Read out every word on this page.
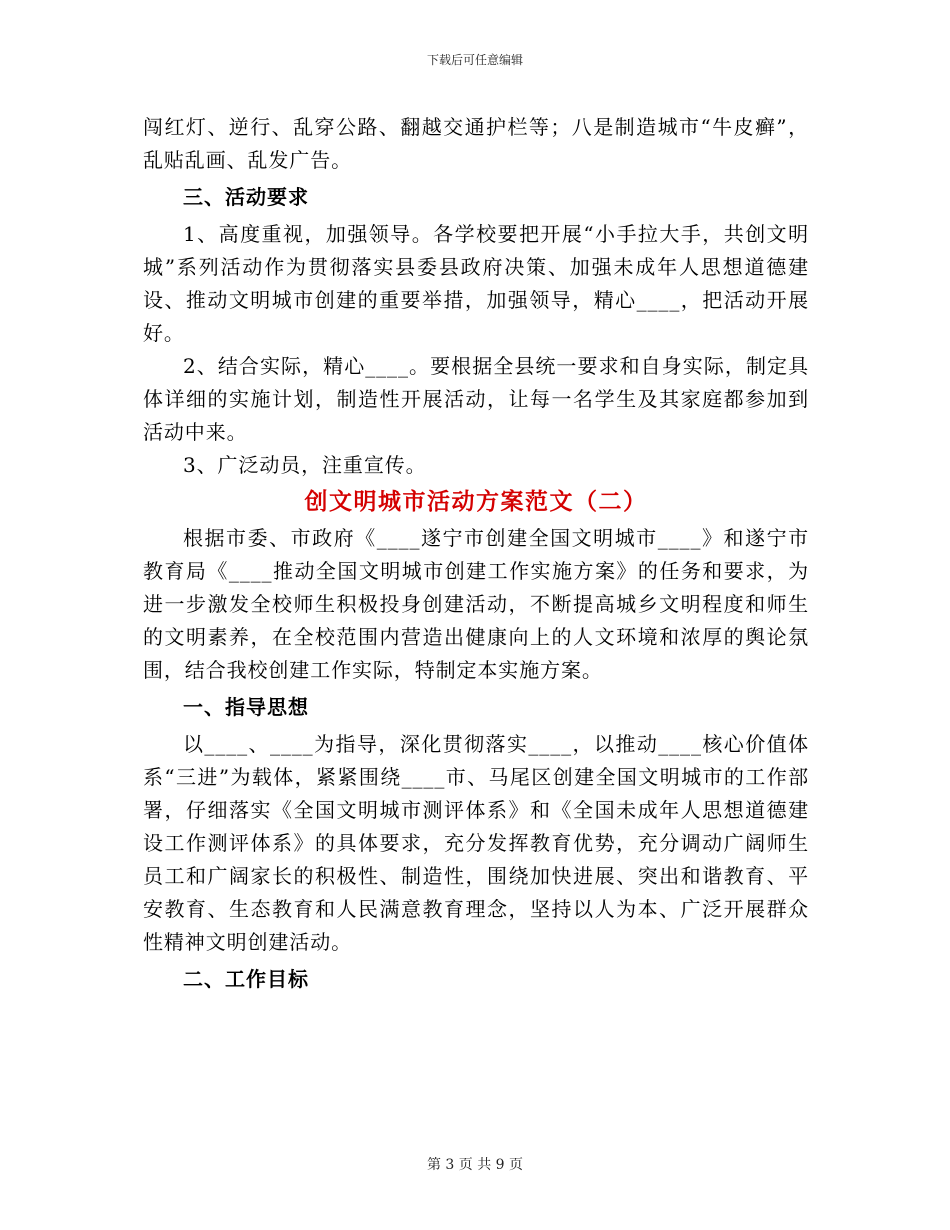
下载后可任意编辑

闯红灯、逆行、乱穿公路、翻越交通护栏等；八是制造城市“牛皮癣”，乱贴乱画、乱发广告。

三、活动要求

1、高度重视，加强领导。各学校要把开展“小手拉大手，共创文明城”系列活动作为贯彻落实县委县政府决策、加强未成年人思想道德建设、推动文明城市创建的重要举措，加强领导，精心____，把活动开展好。

2、结合实际，精心____。要根据全县统一要求和自身实际，制定具体详细的实施计划，制造性开展活动，让每一名学生及其家庭都参加到活动中来。

3、广泛动员，注重宣传。

创文明城市活动方案范文（二）

根据市委、市政府《____遂宁市创建全国文明城市____》和遂宁市教育局《____推动全国文明城市创建工作实施方案》的任务和要求，为进一步激发全校师生积极投身创建活动，不断提高城乡文明程度和师生的文明素养，在全校范围内营造出健康向上的人文环境和浓厚的舆论氛围，结合我校创建工作实际，特制定本实施方案。

一、指导思想

以____、____为指导，深化贯彻落实____，以推动____核心价值体系“三进”为载体，紧紧围绕____市、马尾区创建全国文明城市的工作部署，仔细落实《全国文明城市测评体系》和《全国未成年人思想道德建设工作测评体系》的具体要求，充分发挥教育优势，充分调动广阔师生员工和广阔家长的积极性、制造性，围绕加快进展、突出和谐教育、平安教育、生态教育和人民满意教育理念，坚持以人为本、广泛开展群众性精神文明创建活动。

二、工作目标

第 3 页 共 9 页
